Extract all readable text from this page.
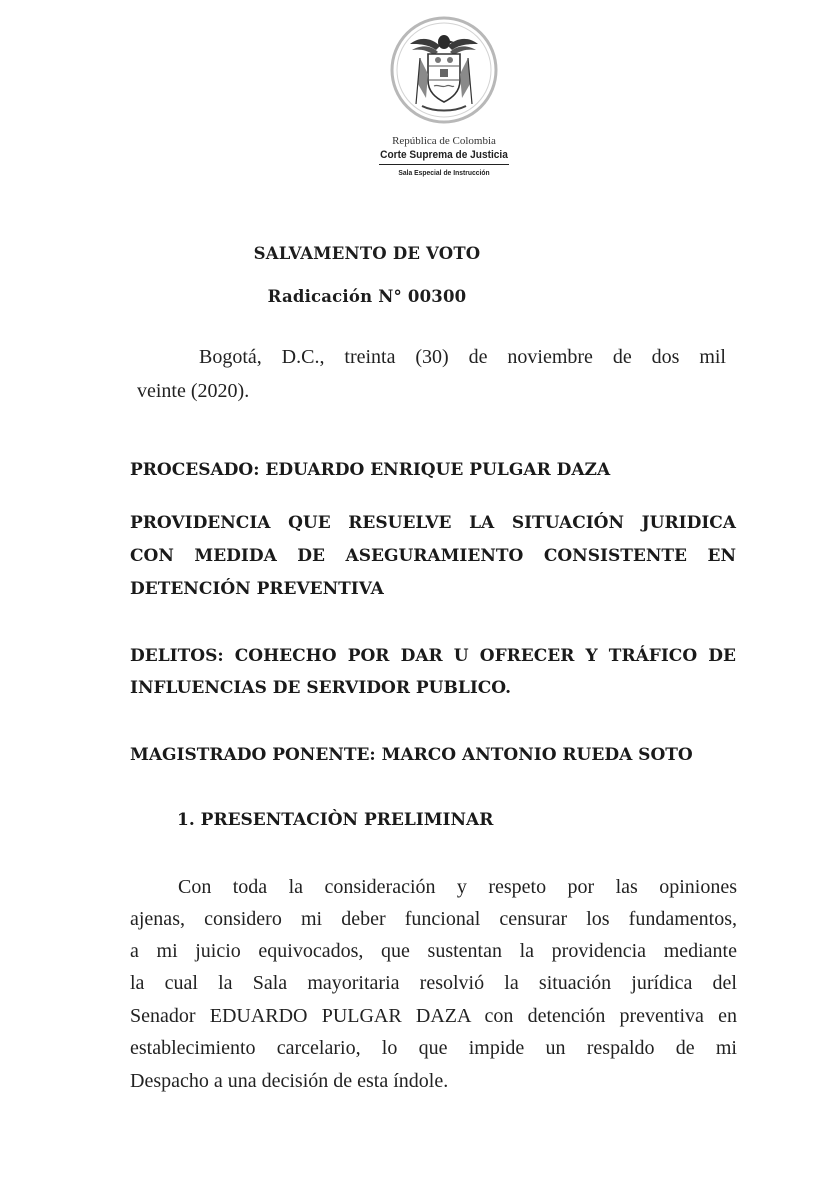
República de Colombia
Corte Suprema de Justicia
Sala Especial de Instrucción
SALVAMENTO DE VOTO
Radicación N° 00300
Bogotá, D.C., treinta (30) de noviembre de dos mil
veinte (2020).
PROCESADO: EDUARDO ENRIQUE PULGAR DAZA
PROVIDENCIA QUE RESUELVE LA SITUACIÓN JURIDICA
CON MEDIDA DE ASEGURAMIENTO CONSISTENTE EN
DETENCIÓN PREVENTIVA
DELITOS: COHECHO POR DAR U OFRECER Y TRÁFICO DE
INFLUENCIAS DE SERVIDOR PUBLICO.
MAGISTRADO PONENTE: MARCO ANTONIO RUEDA SOTO
1. PRESENTACIÒN PRELIMINAR
Con toda la consideración y respeto por las opiniones
ajenas, considero mi deber funcional censurar los fundamentos,
a mi juicio equivocados, que sustentan la providencia mediante
la cual la Sala mayoritaria resolvió la situación jurídica del
Senador EDUARDO PULGAR DAZA con detención preventiva en
establecimiento carcelario, lo que impide un respaldo de mi
Despacho a una decisión de esta índole.
